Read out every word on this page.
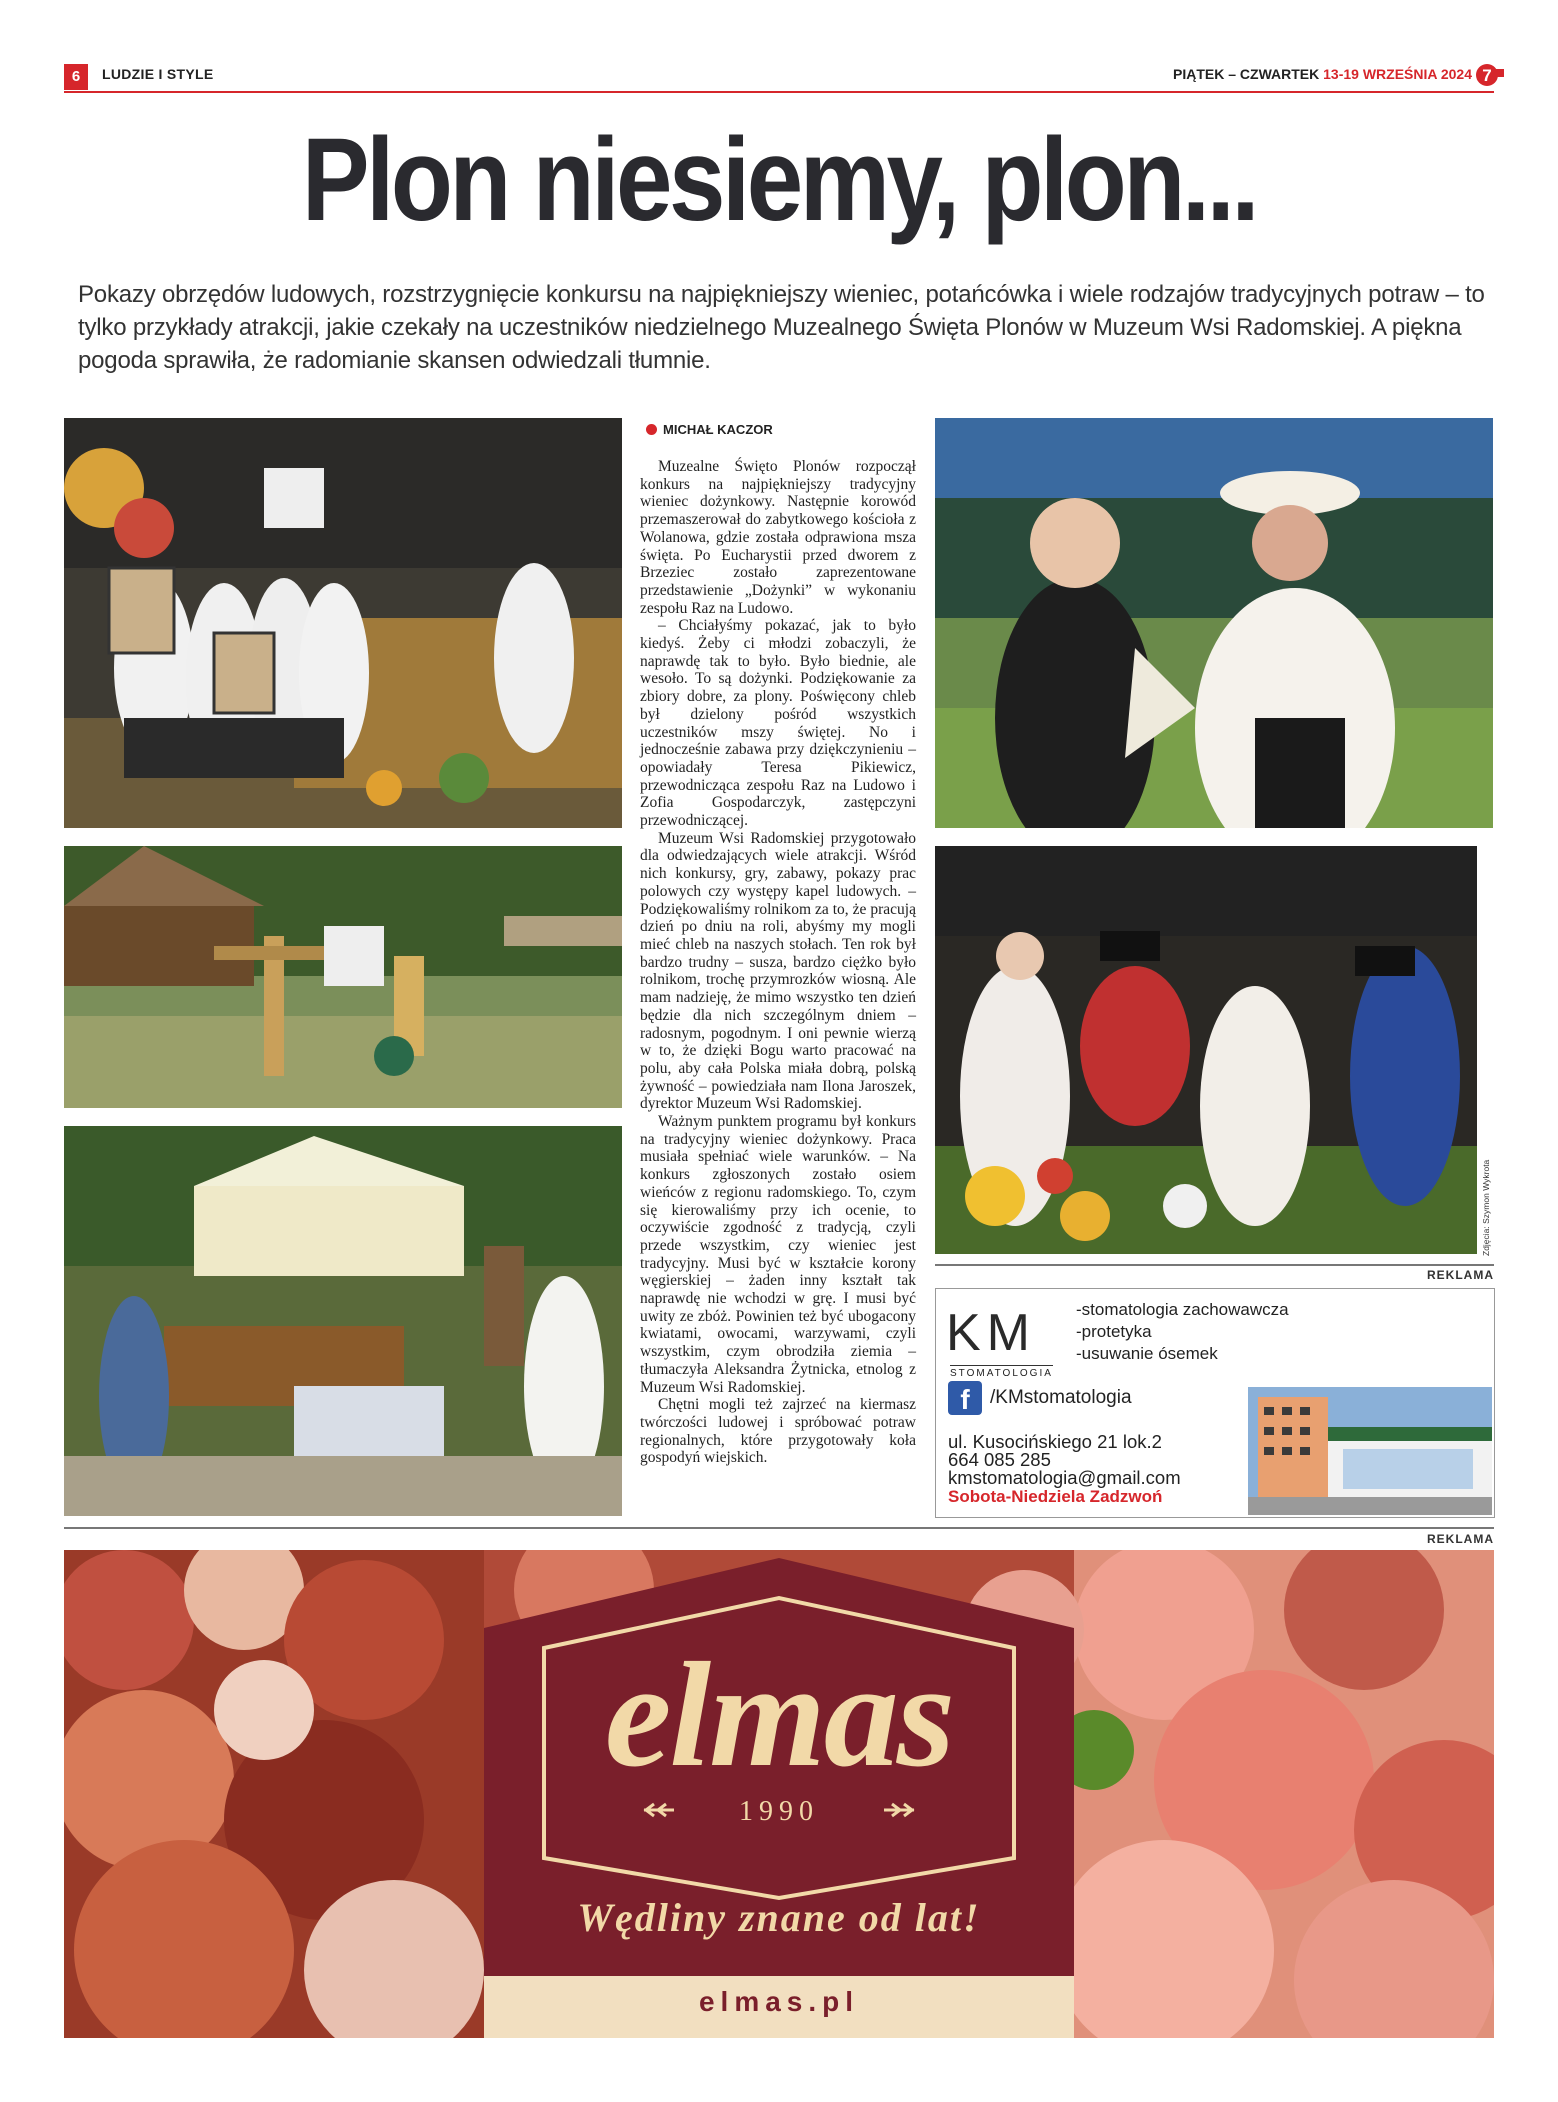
6	LUDZIE I STYLE	PIĄTEK – CZWARTEK 13-19 WRZEŚNIA 2024 7
Plon niesiemy, plon...
Pokazy obrzędów ludowych, rozstrzygnięcie konkursu na najpiękniejszy wieniec, potańcówka i wiele rodzajów tradycyjnych potraw – to tylko przykłady atrakcji, jakie czekały na uczestników niedzielnego Muzealnego Święta Plonów w Muzeum Wsi Radomskiej. A piękna pogoda sprawiła, że radomianie skansen odwiedzali tłumnie.
MICHAŁ KACZOR

Muzealne Święto Plonów rozpoczął konkurs na najpiękniejszy tradycyjny wieniec dożynkowy. Następnie korowód przemaszerował do zabytkowego kościoła z Wolanowa, gdzie została odprawiona msza święta. Po Eucharystii przed dworem z Brzeziec zostało zaprezentowane przedstawienie „Dożynki” w wykonaniu zespołu Raz na Ludowo.

– Chciałyśmy pokazać, jak to było kiedyś. Żeby ci młodzi zobaczyli, że naprawdę tak to było. Było biednie, ale wesoło. To są dożynki. Podziękowanie za zbiory dobre, za plony. Poświęcony chleb był dzielony pośród wszystkich uczestników mszy świętej. No i jednocześnie zabawa przy dziękczynieniu – opowiadały Teresa Pikiewicz, przewodnicząca zespołu Raz na Ludowo i Zofia Gospodarczyk, zastępczyni przewodniczącej.

Muzeum Wsi Radomskiej przygotowało dla odwiedzających wiele atrakcji. Wśród nich konkursy, gry, zabawy, pokazy prac polowych czy występy kapel ludowych. – Podziękowaliśmy rolnikom za to, że pracują dzień po dniu na roli, abyśmy my mogli mieć chleb na naszych stołach. Ten rok był bardzo trudny – susza, bardzo ciężko było rolnikom, trochę przymrozków wiosną. Ale mam nadzieję, że mimo wszystko ten dzień będzie dla nich szczególnym dniem – radosnym, pogodnym. I oni pewnie wierzą w to, że dzięki Bogu warto pracować na polu, aby cała Polska miała dobrą, polską żywność – powiedziała nam Ilona Jaroszek, dyrektor Muzeum Wsi Radomskiej.

Ważnym punktem programu był konkurs na tradycyjny wieniec dożynkowy. Praca musiała spełniać wiele warunków. – Na konkurs zgłoszonych zostało osiem wieńców z regionu radomskiego. To, czym się kierowaliśmy przy ich ocenie, to oczywiście zgodność z tradycją, czyli przede wszystkim, czy wieniec jest tradycyjny. Musi być w kształcie korony węgierskiej – żaden inny kształt tak naprawdę nie wchodzi w grę. I musi być uwity ze zbóż. Powinien też być ubogacony kwiatami, owocami, warzywami, czyli wszystkim, czym obrodziła ziemia – tłumaczyła Aleksandra Żytnicka, etnolog z Muzeum Wsi Radomskiej.

Chętni mogli też zajrzeć na kiermasz twórczości ludowej i spróbować potraw regionalnych, które przygotowały koła gospodyń wiejskich.

Zdjęcia: Szymon Wykrota
REKLAMA
KM
STOMATOLOGIA
-stomatologia zachowawcza
-protetyka
-usuwanie ósemek
f	/KMstomatologia
ul. Kusocińskiego 21 lok.2
664 085 285
kmstomatologia@gmail.com
Sobota-Niedziela Zadzwoń
REKLAMA
elmas
1990
Wędliny znane od lat!
elmas.pl
